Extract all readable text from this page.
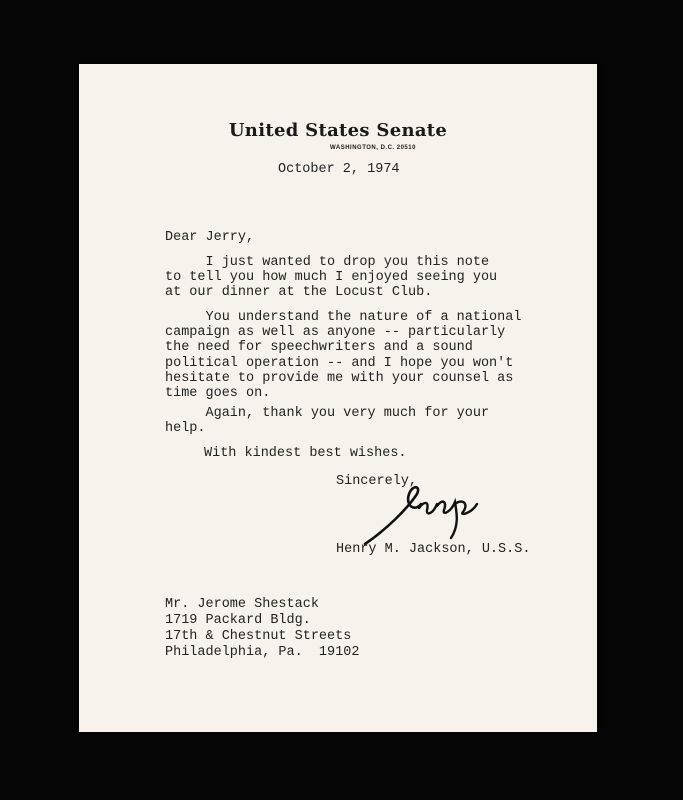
United States Senate
WASHINGTON, D.C. 20510
October 2, 1974
Dear Jerry,
I just wanted to drop you this note
to tell you how much I enjoyed seeing you
at our dinner at the Locust Club.
You understand the nature of a national
campaign as well as anyone -- particularly
the need for speechwriters and a sound
political operation -- and I hope you won't
hesitate to provide me with your counsel as
time goes on.
Again, thank you very much for your
help.
With kindest best wishes.
Sincerely,
Henry M. Jackson, U.S.S.
Mr. Jerome Shestack
1719 Packard Bldg.
17th & Chestnut Streets
Philadelphia, Pa.  19102
